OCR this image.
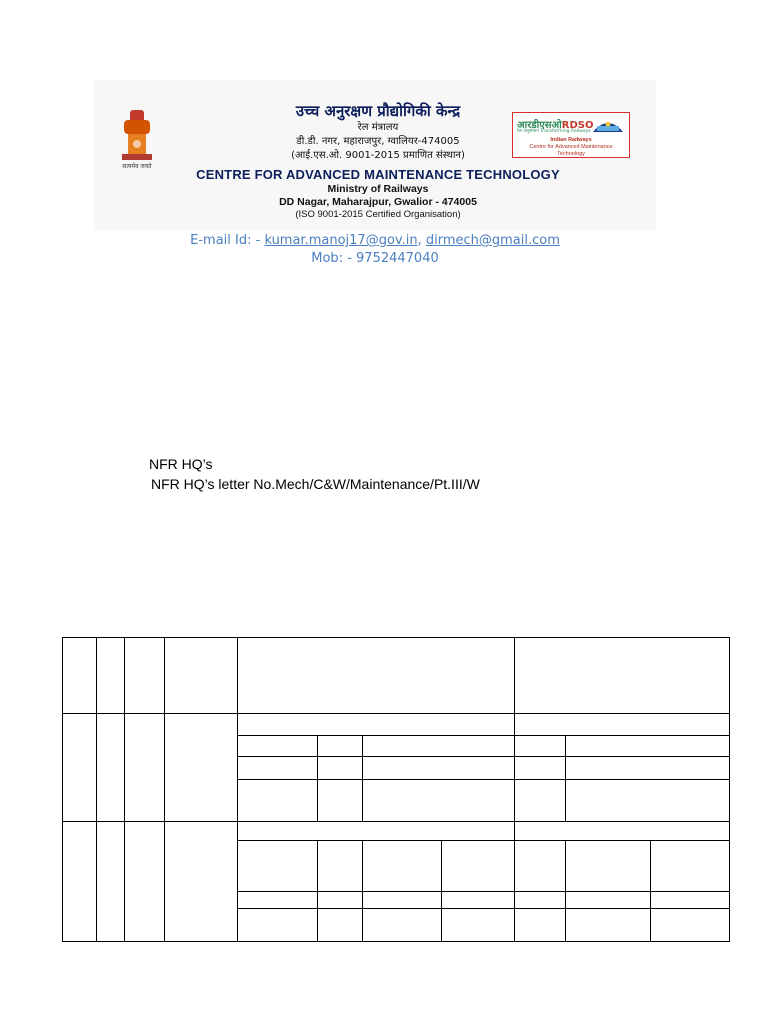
सत्यमेव जयते
उच्च अनुरक्षण प्रौद्योगिकी केन्द्र
रेल मंत्रालय
डी.डी. नगर, महाराजपुर, ग्वालियर-474005
(आई.एस.ओ. 9001-2015 प्रमाणित संस्थान)
CENTRE FOR ADVANCED MAINTENANCE TECHNOLOGY
Ministry of Railways
DD Nagar, Maharajpur, Gwalior - 474005
(ISO 9001-2015 Certified Organisation)
आरडीएसओRDSO
रेल अनुसंधान Transforming Railways
Indian Railways
Centre for Advanced Maintenance Technology
E-mail Id: - kumar.manoj17@gov.in, dirmech@gmail.com
Mob: - 9752447040
NFR HQ’s
NFR HQ’s letter No.Mech/C&W/Maintenance/Pt.III/W
